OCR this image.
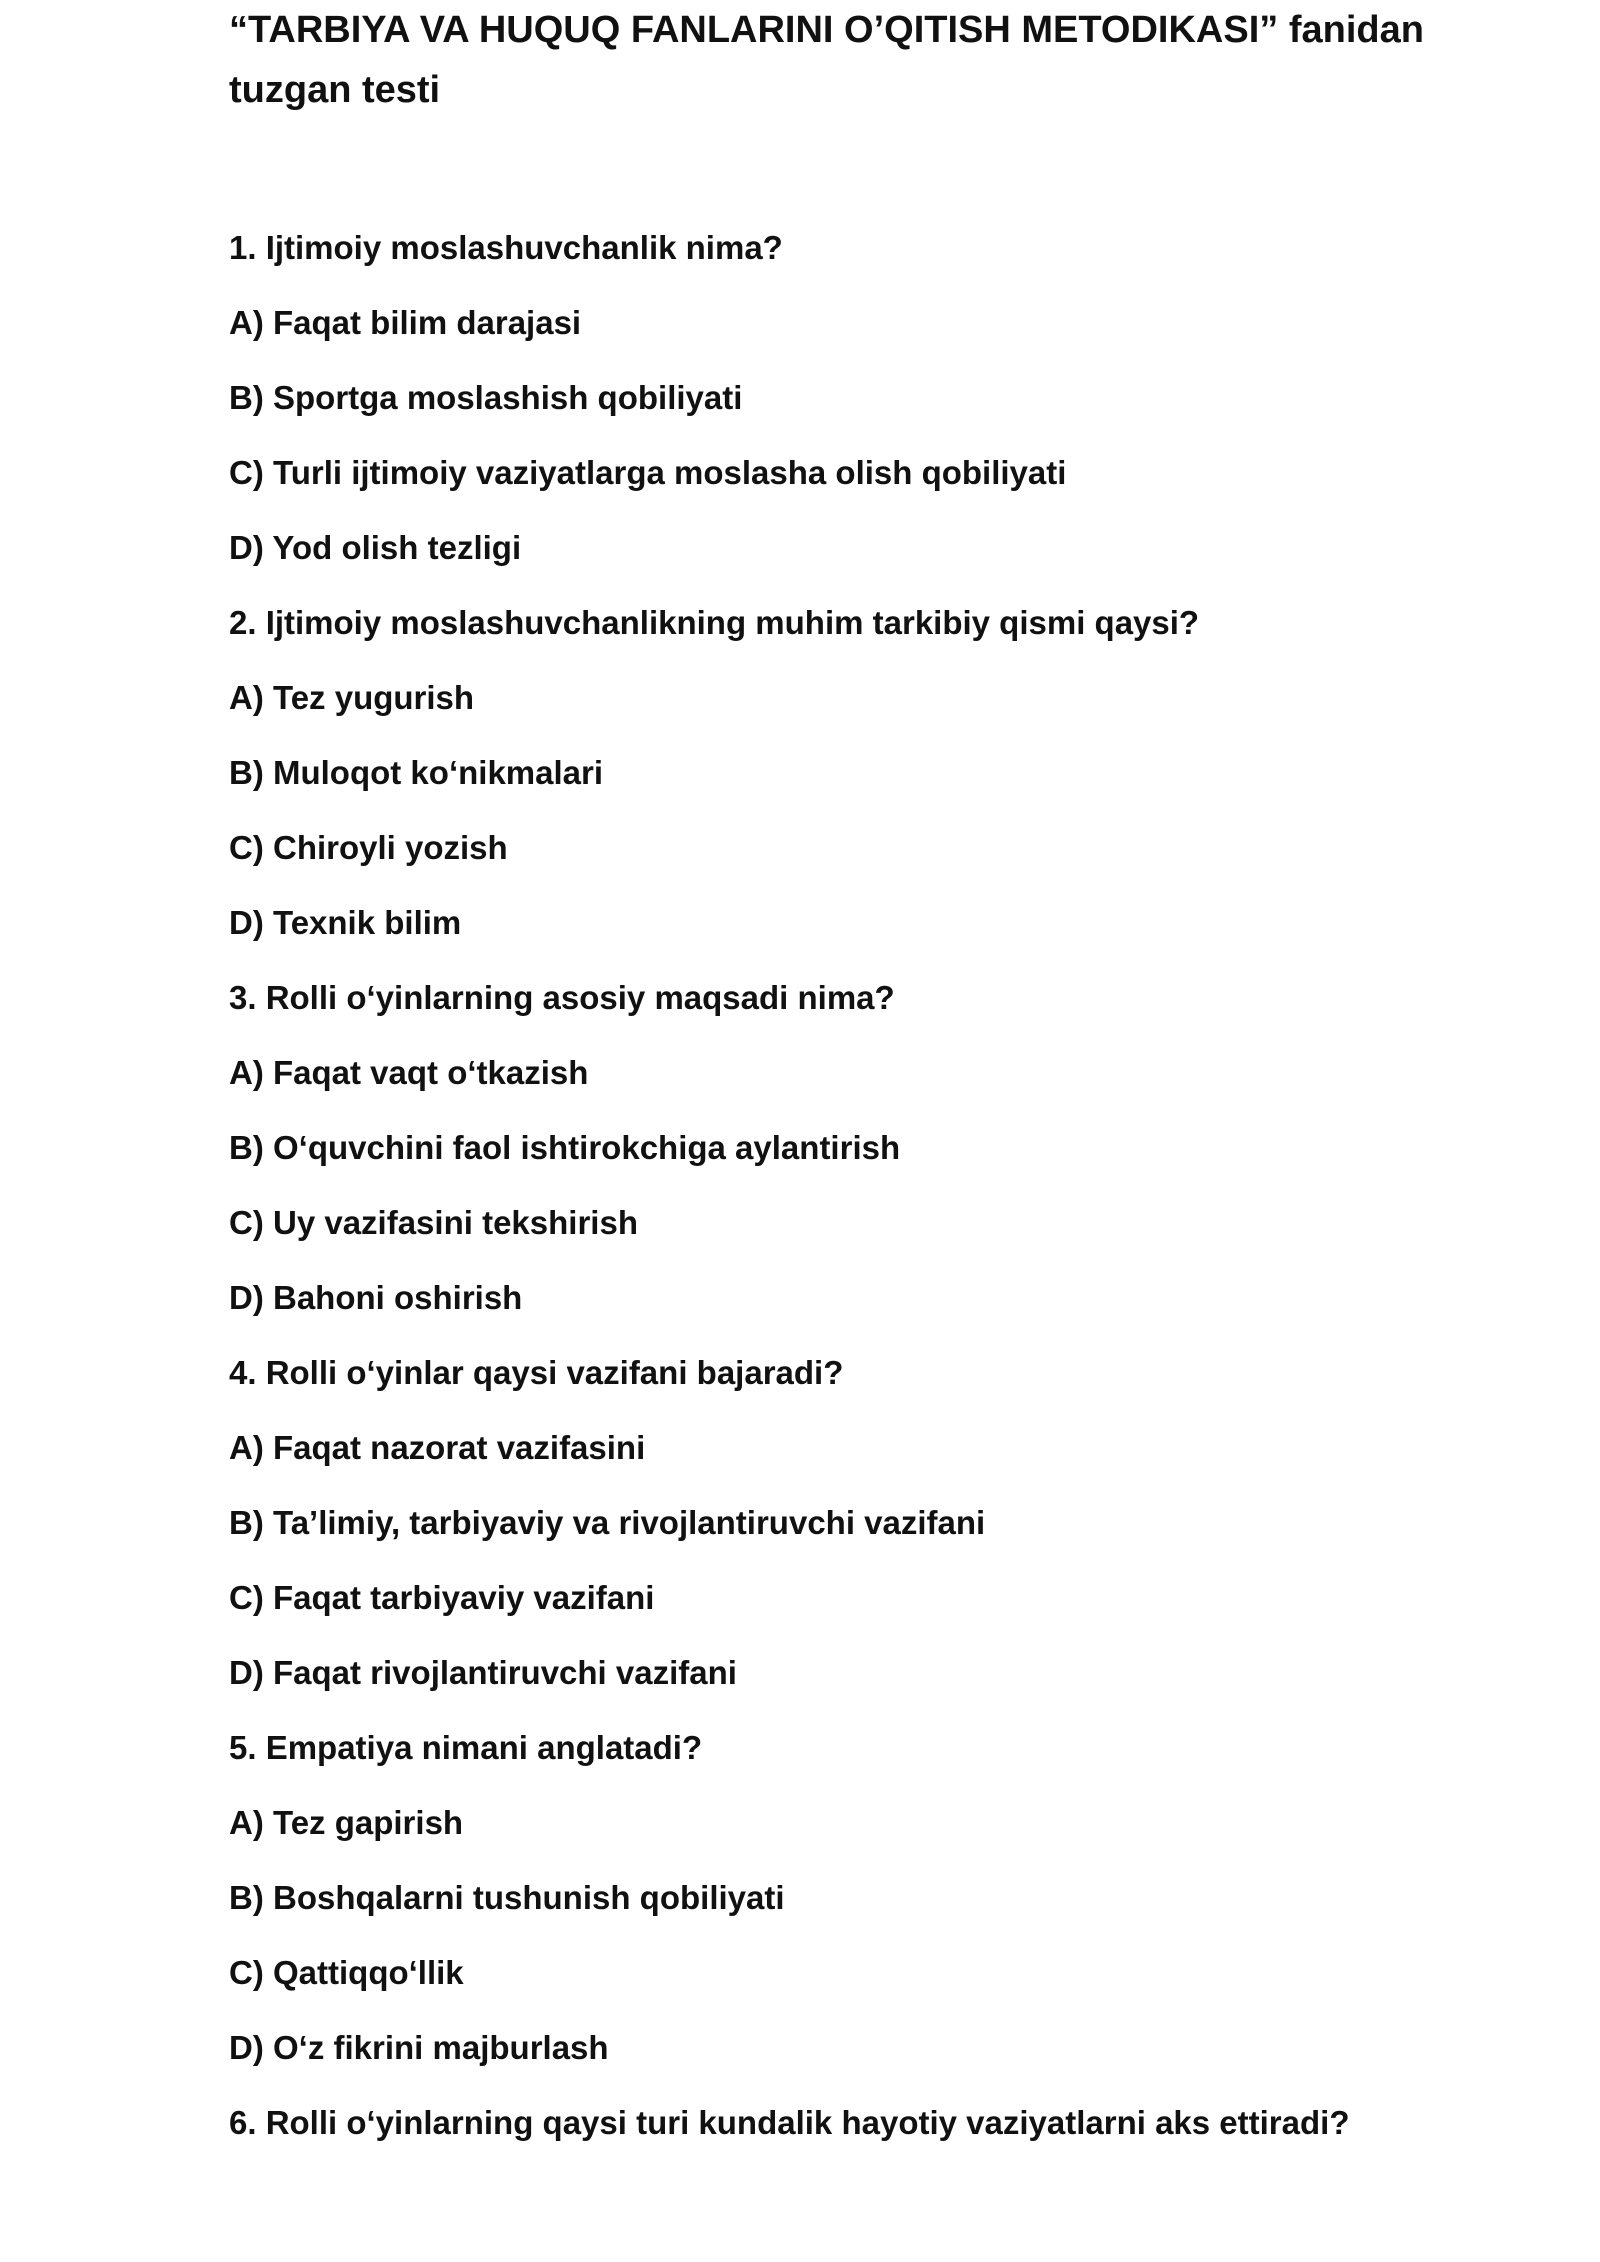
“TARBIYA VA HUQUQ FANLARINI O’QITISH METODIKASI” fanidan
tuzgan testi
1. Ijtimoiy moslashuvchanlik nima?
A) Faqat bilim darajasi
B) Sportga moslashish qobiliyati
C) Turli ijtimoiy vaziyatlarga moslasha olish qobiliyati
D) Yod olish tezligi
2. Ijtimoiy moslashuvchanlikning muhim tarkibiy qismi qaysi?
A) Tez yugurish
B) Muloqot ko‘nikmalari
C) Chiroyli yozish
D) Texnik bilim
3. Rolli o‘yinlarning asosiy maqsadi nima?
A) Faqat vaqt o‘tkazish
B) O‘quvchini faol ishtirokchiga aylantirish
C) Uy vazifasini tekshirish
D) Bahoni oshirish
4. Rolli o‘yinlar qaysi vazifani bajaradi?
A) Faqat nazorat vazifasini
B) Ta’limiy, tarbiyaviy va rivojlantiruvchi vazifani
C) Faqat tarbiyaviy vazifani
D) Faqat rivojlantiruvchi vazifani
5. Empatiya nimani anglatadi?
A) Tez gapirish
B) Boshqalarni tushunish qobiliyati
C) Qattiqqo‘llik
D) O‘z fikrini majburlash
6. Rolli o‘yinlarning qaysi turi kundalik hayotiy vaziyatlarni aks ettiradi?
